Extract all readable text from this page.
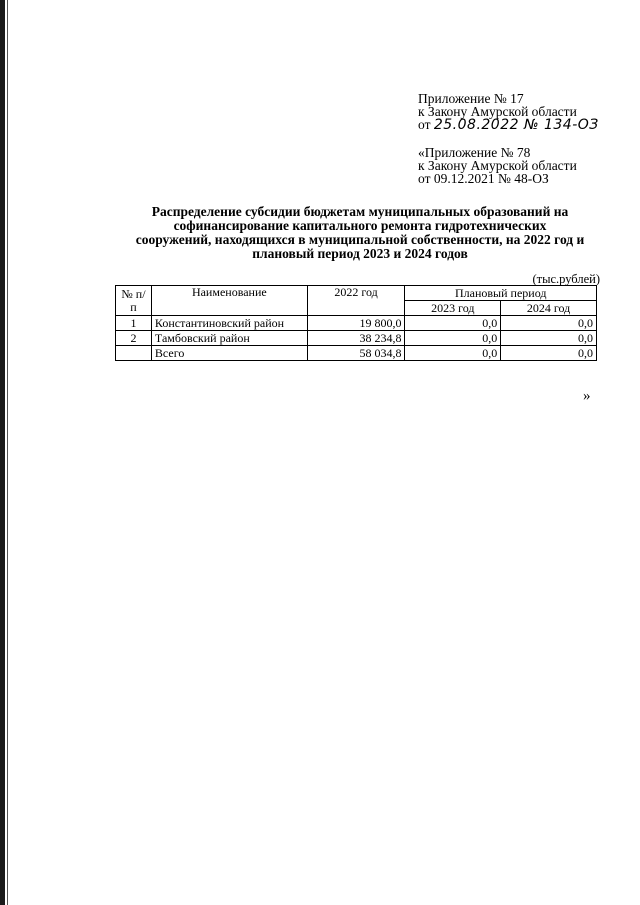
Приложение № 17
к Закону Амурской области
от 25.08.2022 № 134-ОЗ
«Приложение № 78
к Закону Амурской области
от 09.12.2021 № 48-ОЗ
Распределение субсидии бюджетам муниципальных образований на
софинансирование капитального ремонта гидротехнических
сооружений, находящихся в муниципальной собственности, на 2022 год и
плановый период 2023 и 2024 годов
(тыс.рублей)
№ п/п	Наименование	2022 год	Плановый период	
			2023 год	2024 год
1	Константиновский район	19 800,0	0,0	0,0
2	Тамбовский район	38 234,8	0,0	0,0
	Всего	58 034,8	0,0	0,0
»
